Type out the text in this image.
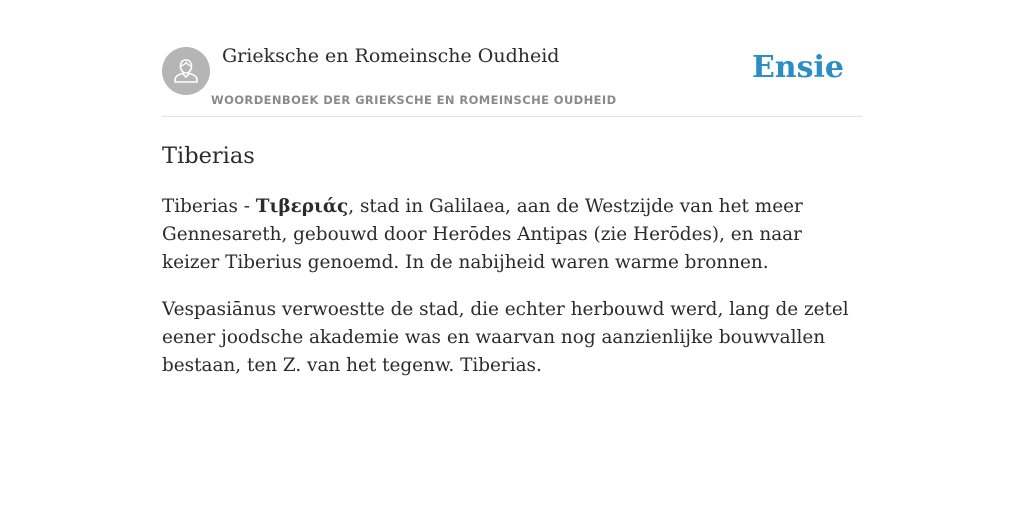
Grieksche en Romeinsche Oudheid
WOORDENBOEK DER GRIEKSCHE EN ROMEINSCHE OUDHEID
Ensie
Tiberias

Tiberias - Τιβεριάς, stad in Galilaea, aan de Westzijde van het meer Gennesareth, gebouwd door Herōdes Antipas (zie Herōdes), en naar keizer Tiberius genoemd. In de nabijheid waren warme bronnen.

Vespasiānus verwoestte de stad, die echter herbouwd werd, lang de zetel eener joodsche akademie was en waarvan nog aanzienlijke bouwvallen bestaan, ten Z. van het tegenw. Tiberias.
